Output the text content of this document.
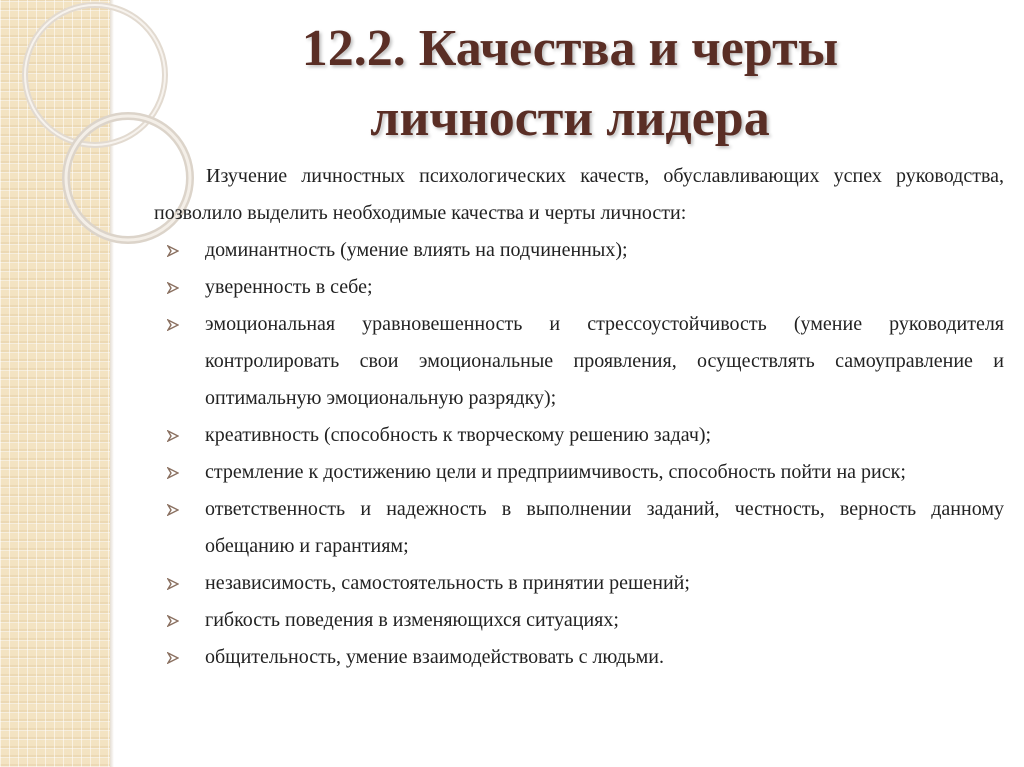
12.2. Качества и черты
личности лидера

Изучение личностных психологических качеств, обуславливающих успех руководства, позволило выделить необходимые качества и черты личности:

доминантность (умение влиять на подчиненных);
уверенность в себе;
эмоциональная уравновешенность и стрессоустойчивость (умение руководителя контролировать свои эмоциональные проявления, осуществлять самоуправление и оптимальную эмоциональную разрядку);
креативность (способность к творческому решению задач);
стремление к достижению цели и предприимчивость, способность пойти на риск;
ответственность и надежность в выполнении заданий, честность, верность данному обещанию и гарантиям;
независимость, самостоятельность в принятии решений;
гибкость поведения в изменяющихся ситуациях;
общительность, умение взаимодействовать с людьми.
